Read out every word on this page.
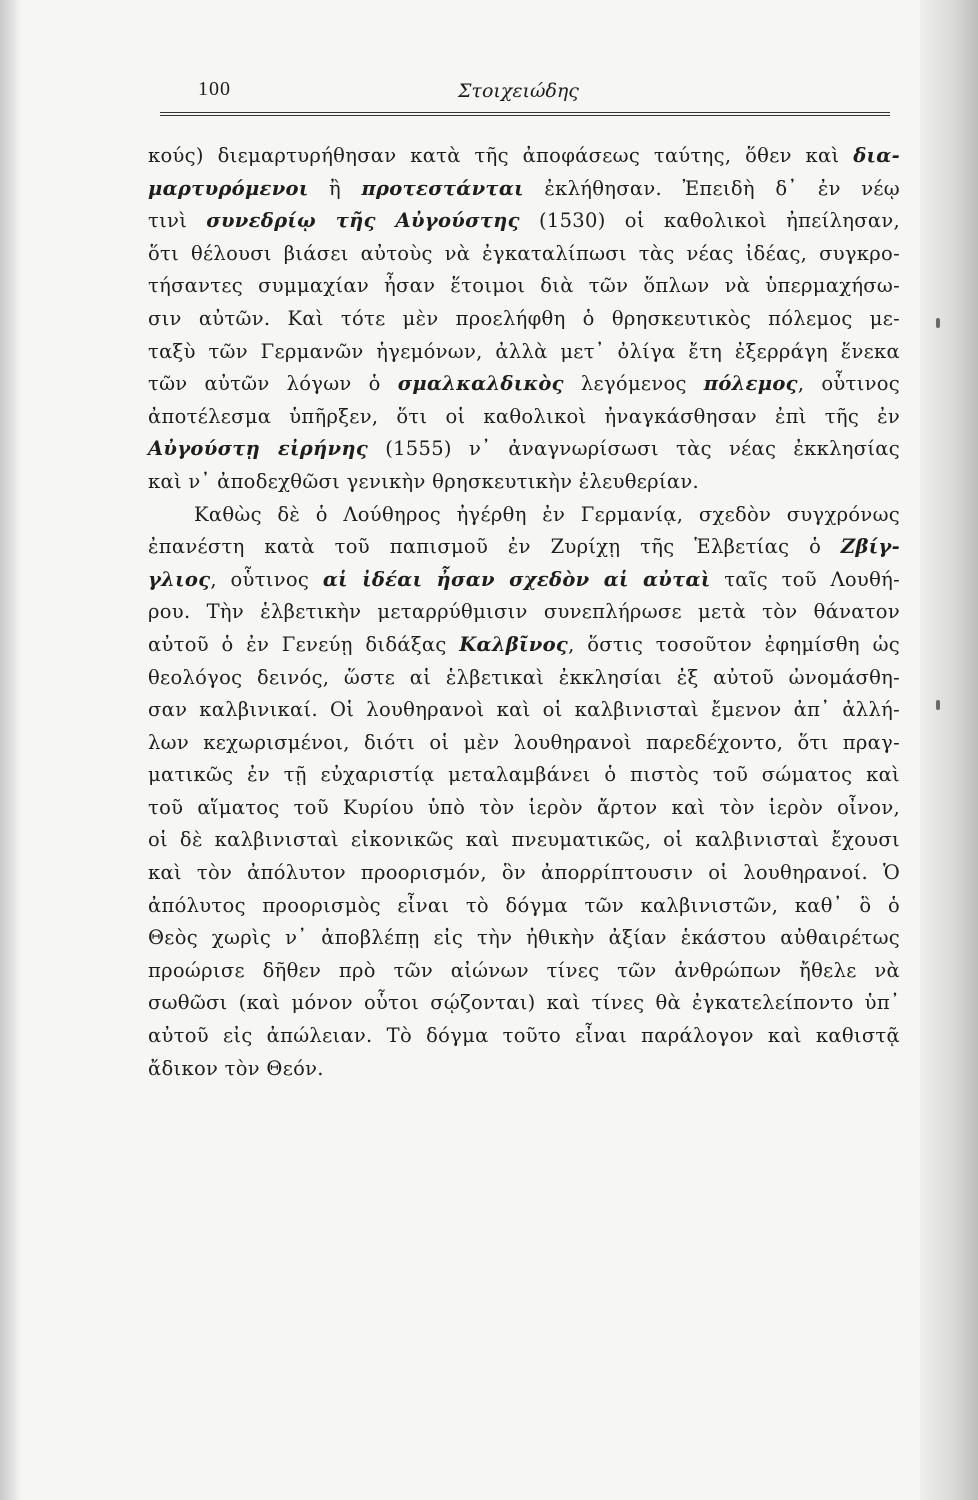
100	Στοιχειώδης
κούς) διεμαρτυρήθησαν κατὰ τῆς ἀποφάσεως ταύτης, ὅθεν καὶ δια-
μαρτυρόμενοι ἢ προτεστάνται ἐκλήθησαν. Ἐπειδὴ δ᾽ ἐν νέῳ
τινὶ συνεδρίῳ τῆς Αὐγούστης (1530) οἱ καθολικοὶ ἠπείλησαν,
ὅτι θέλουσι βιάσει αὐτοὺς νὰ ἐγκαταλίπωσι τὰς νέας ἰδέας, συγκρο-
τήσαντες συμμαχίαν ἦσαν ἕτοιμοι διὰ τῶν ὅπλων νὰ ὑπερμαχήσω-
σιν αὐτῶν. Καὶ τότε μὲν προελήφθη ὁ θρησκευτικὸς πόλεμος με-
ταξὺ τῶν Γερμανῶν ἡγεμόνων, ἀλλὰ μετ᾽ ὀλίγα ἔτη ἐξερράγη ἕνεκα
τῶν αὐτῶν λόγων ὁ σμαλκαλδικὸς λεγόμενος πόλεμος, οὗτινος
ἀποτέλεσμα ὑπῆρξεν, ὅτι οἱ καθολικοὶ ἠναγκάσθησαν ἐπὶ τῆς ἐν
Αὐγούστῃ εἰρήνης (1555) ν᾽ ἀναγνωρίσωσι τὰς νέας ἐκκλησίας
καὶ ν᾽ ἀποδεχθῶσι γενικὴν θρησκευτικὴν ἐλευθερίαν.
Καθὼς δὲ ὁ Λούθηρος ἠγέρθη ἐν Γερμανίᾳ, σχεδὸν συγχρόνως
ἐπανέστη κατὰ τοῦ παπισμοῦ ἐν Ζυρίχῃ τῆς Ἑλβετίας ὁ Ζβίγ-
γλιος, οὗτινος αἱ ἰδέαι ἦσαν σχεδὸν αἱ αὐταὶ ταῖς τοῦ Λουθή-
ρου. Τὴν ἑλβετικὴν μεταρρύθμισιν συνεπλήρωσε μετὰ τὸν θάνατον
αὐτοῦ ὁ ἐν Γενεύῃ διδάξας Καλβῖνος, ὅστις τοσοῦτον ἐφημίσθη ὡς
θεολόγος δεινός, ὥστε αἱ ἑλβετικαὶ ἐκκλησίαι ἐξ αὐτοῦ ὠνομάσθη-
σαν καλβινικαί. Οἱ λουθηρανοὶ καὶ οἱ καλβινισταὶ ἔμενον ἀπ᾽ ἀλλή-
λων κεχωρισμένοι, διότι οἱ μὲν λουθηρανοὶ παρεδέχοντο, ὅτι πραγ-
ματικῶς ἐν τῇ εὐχαριστίᾳ μεταλαμβάνει ὁ πιστὸς τοῦ σώματος καὶ
τοῦ αἵματος τοῦ Κυρίου ὑπὸ τὸν ἱερὸν ἄρτον καὶ τὸν ἱερὸν οἶνον,
οἱ δὲ καλβινισταὶ εἰκονικῶς καὶ πνευματικῶς, οἱ καλβινισταὶ ἔχουσι
καὶ τὸν ἀπόλυτον προορισμόν, ὃν ἀπορρίπτουσιν οἱ λουθηρανοί. Ὁ
ἀπόλυτος προορισμὸς εἶναι τὸ δόγμα τῶν καλβινιστῶν, καθ᾽ ὃ ὁ
Θεὸς χωρὶς ν᾽ ἀποβλέπῃ εἰς τὴν ἠθικὴν ἀξίαν ἑκάστου αὐθαιρέτως
προώρισε δῆθεν πρὸ τῶν αἰώνων τίνες τῶν ἀνθρώπων ἤθελε νὰ
σωθῶσι (καὶ μόνον οὗτοι σῴζονται) καὶ τίνες θὰ ἐγκατελείποντο ὑπ᾽
αὐτοῦ εἰς ἀπώλειαν. Τὸ δόγμα τοῦτο εἶναι παράλογον καὶ καθιστᾷ
ἄδικον τὸν Θεόν.
